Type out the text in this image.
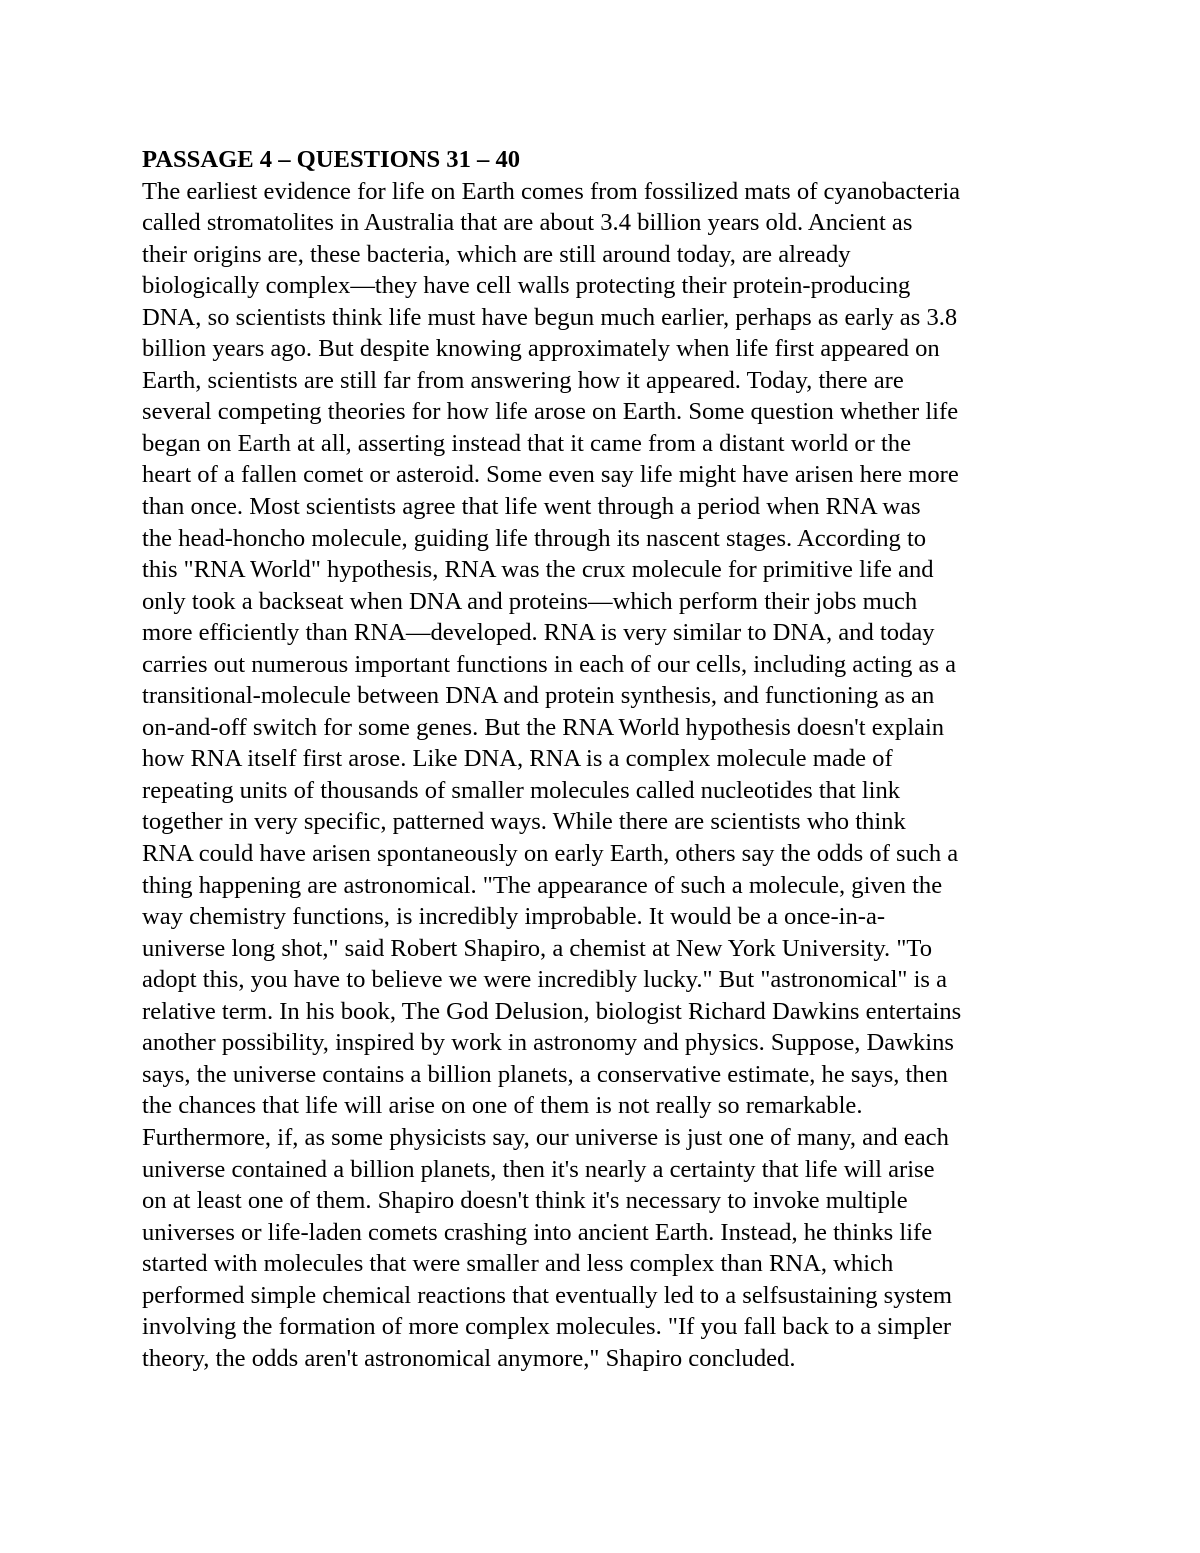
PASSAGE 4 – QUESTIONS 31 – 40
The earliest evidence for life on Earth comes from fossilized mats of cyanobacteria
called stromatolites in Australia that are about 3.4 billion years old. Ancient as
their origins are, these bacteria, which are still around today, are already
biologically complex—they have cell walls protecting their protein-producing
DNA, so scientists think life must have begun much earlier, perhaps as early as 3.8
billion years ago. But despite knowing approximately when life first appeared on
Earth, scientists are still far from answering how it appeared. Today, there are
several competing theories for how life arose on Earth. Some question whether life
began on Earth at all, asserting instead that it came from a distant world or the
heart of a fallen comet or asteroid. Some even say life might have arisen here more
than once. Most scientists agree that life went through a period when RNA was
the head-honcho molecule, guiding life through its nascent stages. According to
this "RNA World" hypothesis, RNA was the crux molecule for primitive life and
only took a backseat when DNA and proteins—which perform their jobs much
more efficiently than RNA—developed. RNA is very similar to DNA, and today
carries out numerous important functions in each of our cells, including acting as a
transitional-molecule between DNA and protein synthesis, and functioning as an
on-and-off switch for some genes. But the RNA World hypothesis doesn't explain
how RNA itself first arose. Like DNA, RNA is a complex molecule made of
repeating units of thousands of smaller molecules called nucleotides that link
together in very specific, patterned ways. While there are scientists who think
RNA could have arisen spontaneously on early Earth, others say the odds of such a
thing happening are astronomical. "The appearance of such a molecule, given the
way chemistry functions, is incredibly improbable. It would be a once-in-a-
universe long shot," said Robert Shapiro, a chemist at New York University. "To
adopt this, you have to believe we were incredibly lucky." But "astronomical" is a
relative term. In his book, The God Delusion, biologist Richard Dawkins entertains
another possibility, inspired by work in astronomy and physics. Suppose, Dawkins
says, the universe contains a billion planets, a conservative estimate, he says, then
the chances that life will arise on one of them is not really so remarkable.
Furthermore, if, as some physicists say, our universe is just one of many, and each
universe contained a billion planets, then it's nearly a certainty that life will arise
on at least one of them. Shapiro doesn't think it's necessary to invoke multiple
universes or life-laden comets crashing into ancient Earth. Instead, he thinks life
started with molecules that were smaller and less complex than RNA, which
performed simple chemical reactions that eventually led to a selfsustaining system
involving the formation of more complex molecules. "If you fall back to a simpler
theory, the odds aren't astronomical anymore," Shapiro concluded.
